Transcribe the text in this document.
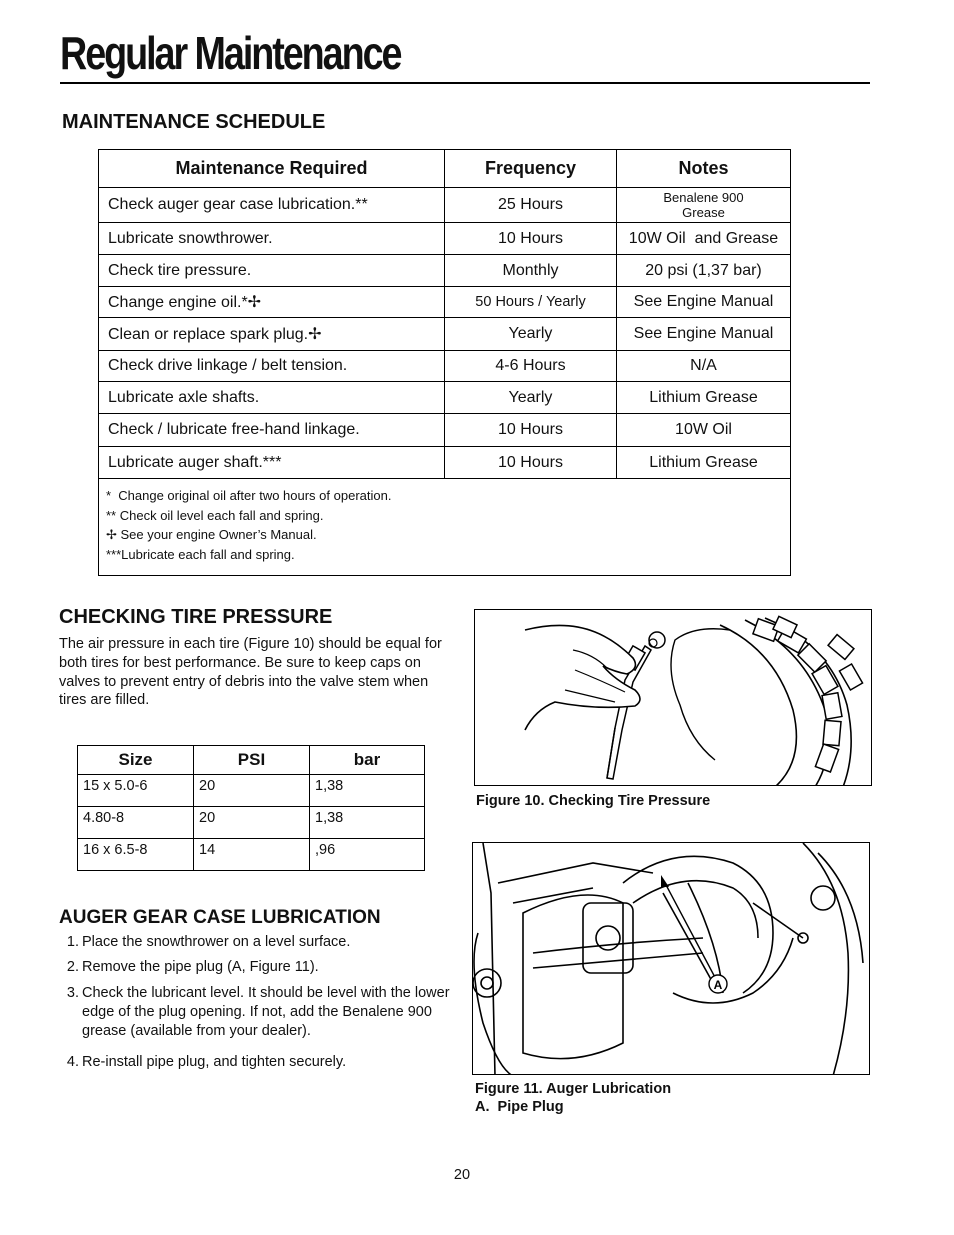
Regular Maintenance
MAINTENANCE SCHEDULE
Maintenance Required	Frequency	Notes
Check auger gear case lubrication.**	25 Hours	Benalene 900
Grease
Lubricate snowthrower.	10 Hours	10W Oil  and Grease
Check tire pressure.	Monthly	20 psi (1,37 bar)
Change engine oil.*✢	50 Hours / Yearly	See Engine Manual
Clean or replace spark plug.✢	Yearly	See Engine Manual
Check drive linkage / belt tension.	4-6 Hours	N/A
Lubricate axle shafts.	Yearly	Lithium Grease
Check / lubricate free-hand linkage.	10 Hours	10W Oil
Lubricate auger shaft.***	10 Hours	Lithium Grease
*  Change original oil after two hours of operation.
** Check oil level each fall and spring.
✢ See your engine Owner’s Manual.
***Lubricate each fall and spring.
CHECKING TIRE PRESSURE
The air pressure in each tire (Figure 10) should be equal for both tires for best performance. Be sure to keep caps on valves to prevent entry of debris into the valve stem when tires are filled.
Size	PSI	bar
15 x 5.0-6	20	1,38
4.80-8	20	1,38
16 x 6.5-8	14	,96
Figure 10. Checking Tire Pressure
AUGER GEAR CASE LUBRICATION
1. Place the snowthrower on a level surface.
2. Remove the pipe plug (A, Figure 11).
3. Check the lubricant level. It should be level with the lower edge of the plug opening. If not, add the Benalene 900 grease (available from your dealer).
4. Re-install pipe plug, and tighten securely.
A
Figure 11. Auger Lubrication
A.  Pipe Plug
20
